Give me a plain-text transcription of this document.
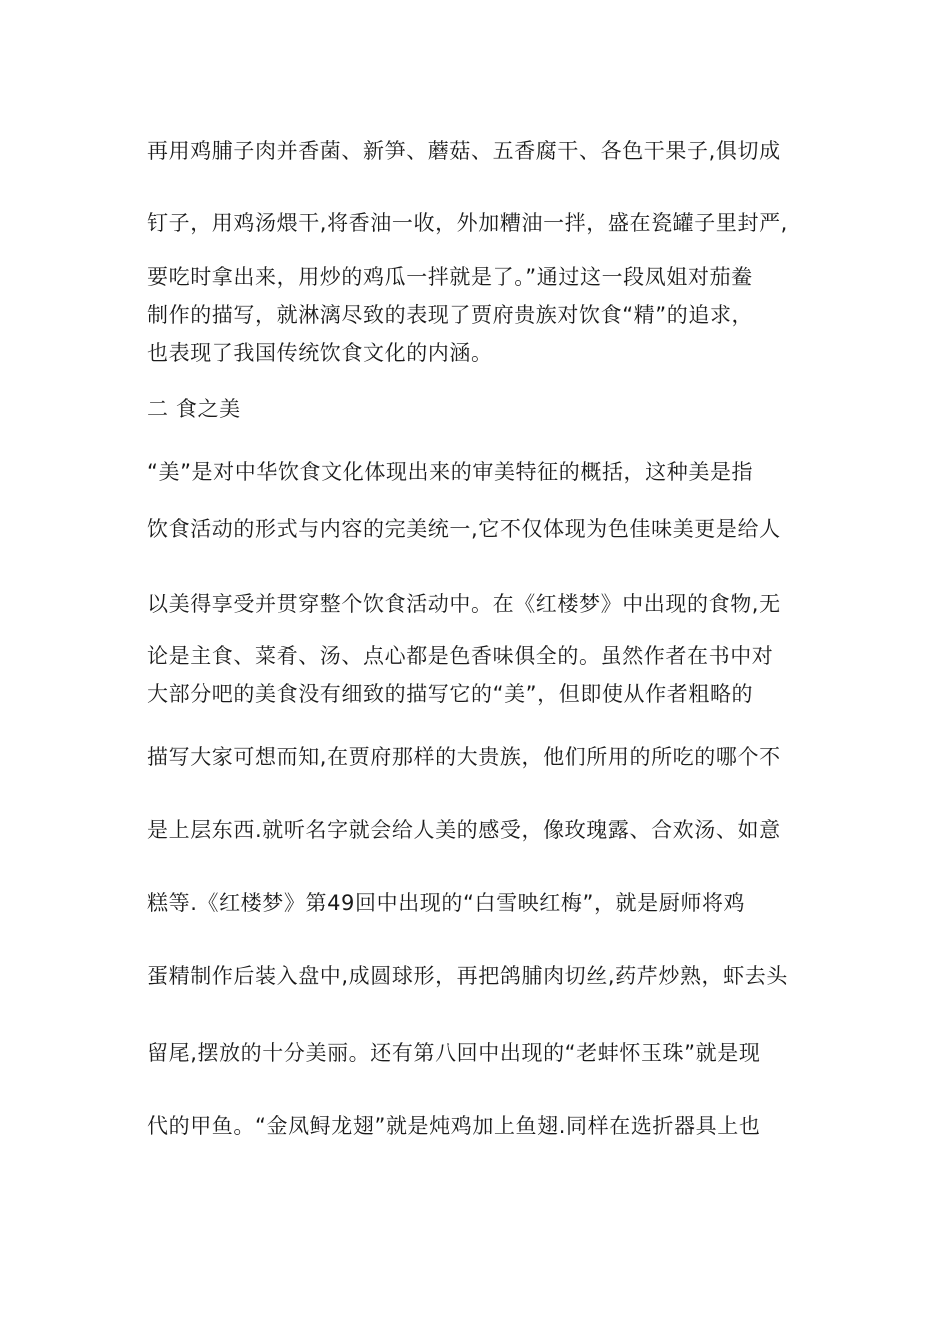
再用鸡脯子肉并香菌、新笋、蘑菇、五香腐干、各色干果子,俱切成
钉子，用鸡汤煨干,将香油一收，外加糟油一拌，盛在瓷罐子里封严,
要吃时拿出来，用炒的鸡瓜一拌就是了。”通过这一段凤姐对茄鲞
制作的描写，就淋漓尽致的表现了贾府贵族对饮食“精”的追求，
也表现了我国传统饮食文化的内涵。
二 食之美
“美”是对中华饮食文化体现出来的审美特征的概括，这种美是指
饮食活动的形式与内容的完美统一,它不仅体现为色佳味美更是给人
以美得享受并贯穿整个饮食活动中。在《红楼梦》中出现的食物,无
论是主食、菜肴、汤、点心都是色香味俱全的。虽然作者在书中对
大部分吧的美食没有细致的描写它的“美”，但即使从作者粗略的
描写大家可想而知,在贾府那样的大贵族，他们所用的所吃的哪个不
是上层东西.就听名字就会给人美的感受，像玫瑰露、合欢汤、如意
糕等.《红楼梦》第49回中出现的“白雪映红梅”，就是厨师将鸡
蛋精制作后装入盘中,成圆球形，再把鸽脯肉切丝,药芹炒熟，虾去头
留尾,摆放的十分美丽。还有第八回中出现的“老蚌怀玉珠”就是现
代的甲鱼。“金凤鲟龙翅”就是炖鸡加上鱼翅.同样在选折器具上也
